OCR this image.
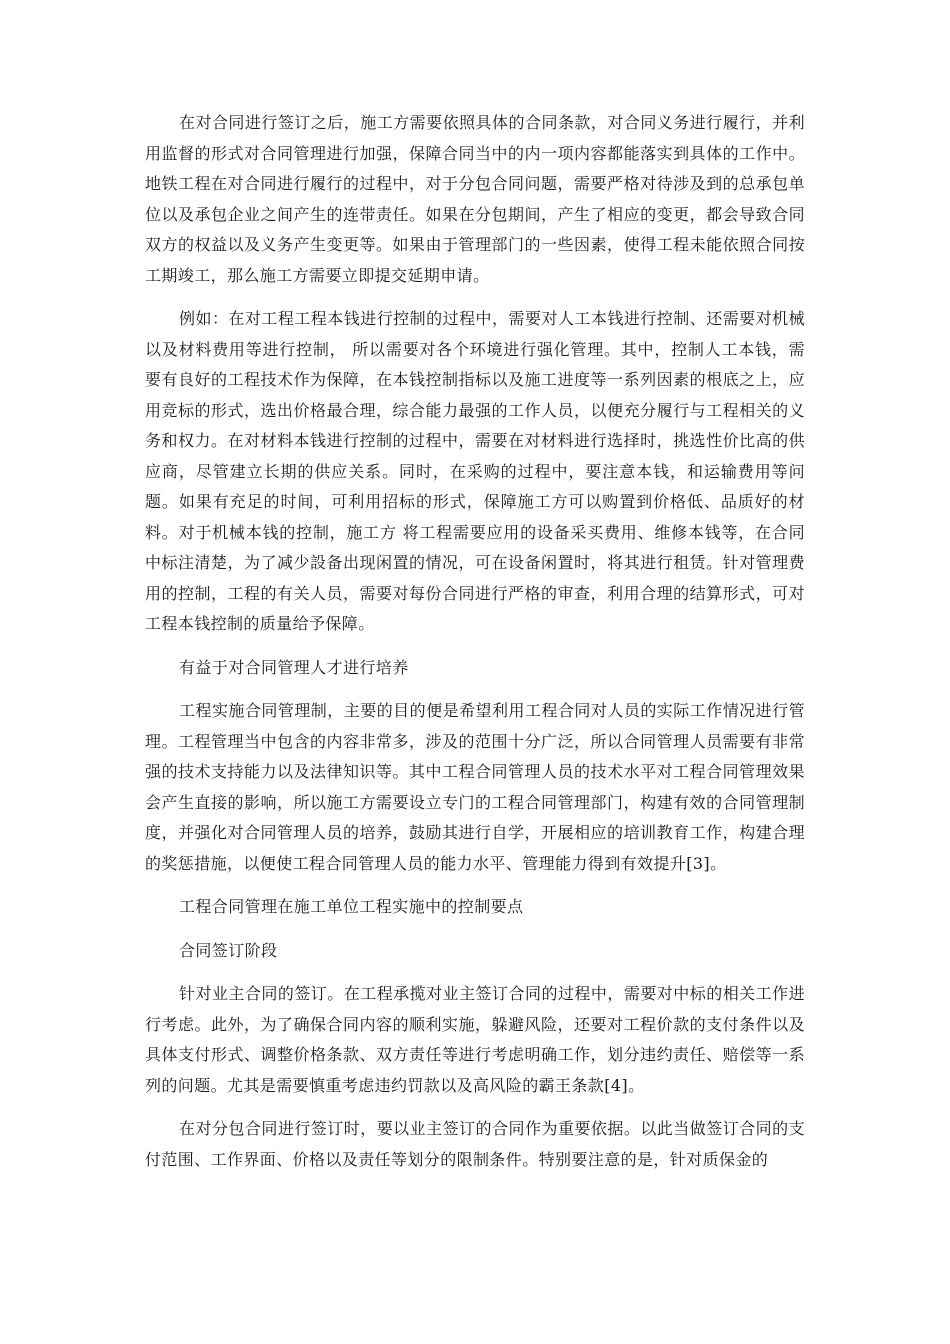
在对合同进行签订之后，施工方需要依照具体的合同条款，对合同义务进行履行，并利用监督的形式对合同管理进行加强，保障合同当中的内一项内容都能落实到具体的工作中。地铁工程在对合同进行履行的过程中，对于分包合同问题，需要严格对待涉及到的总承包单位以及承包企业之间产生的连带责任。如果在分包期间，产生了相应的变更，都会导致合同双方的权益以及义务产生变更等。如果由于管理部门的一些因素，使得工程未能依照合同按工期竣工，那么施工方需要立即提交延期申请。

例如：在对工程工程本钱进行控制的过程中，需要对人工本钱进行控制、还需要对机械以及材料费用等进行控制， 所以需要对各个环境进行强化管理。其中，控制人工本钱，需要有良好的工程技术作为保障，在本钱控制指标以及施工进度等一系列因素的根底之上，应用竞标的形式，选出价格最合理，综合能力最强的工作人员，以便充分履行与工程相关的义务和权力。在对材料本钱进行控制的过程中，需要在对材料进行选择时，挑选性价比高的供应商，尽管建立长期的供应关系。同时，在采购的过程中，要注意本钱，和运输费用等问题。如果有充足的时间，可利用招标的形式，保障施工方可以购置到价格低、品质好的材料。对于机械本钱的控制，施工方 将工程需要应用的设备采买费用、维修本钱等，在合同中标注清楚，为了减少設备出现闲置的情况，可在设备闲置时，将其进行租赁。针对管理费用的控制，工程的有关人员，需要对每份合同进行严格的审查，利用合理的结算形式，可对工程本钱控制的质量给予保障。

有益于对合同管理人才进行培养

工程实施合同管理制，主要的目的便是希望利用工程合同对人员的实际工作情况进行管理。工程管理当中包含的内容非常多，涉及的范围十分广泛，所以合同管理人员需要有非常强的技术支持能力以及法律知识等。其中工程合同管理人员的技术水平对工程合同管理效果会产生直接的影响，所以施工方需要设立专门的工程合同管理部门，构建有效的合同管理制度，并强化对合同管理人员的培养，鼓励其进行自学，开展相应的培训教育工作，构建合理的奖惩措施，以便使工程合同管理人员的能力水平、管理能力得到有效提升[3]。

工程合同管理在施工单位工程实施中的控制要点

合同签订阶段

针对业主合同的签订。在工程承揽对业主签订合同的过程中，需要对中标的相关工作进行考虑。此外，为了确保合同内容的顺利实施，躲避风险，还要对工程价款的支付条件以及具体支付形式、调整价格条款、双方责任等进行考虑明确工作，划分违约责任、赔偿等一系列的问题。尤其是需要慎重考虑违约罚款以及高风险的霸王条款[4]。

在对分包合同进行签订时，要以业主签订的合同作为重要依据。以此当做签订合同的支付范围、工作界面、价格以及责任等划分的限制条件。特别要注意的是，针对质保金的
